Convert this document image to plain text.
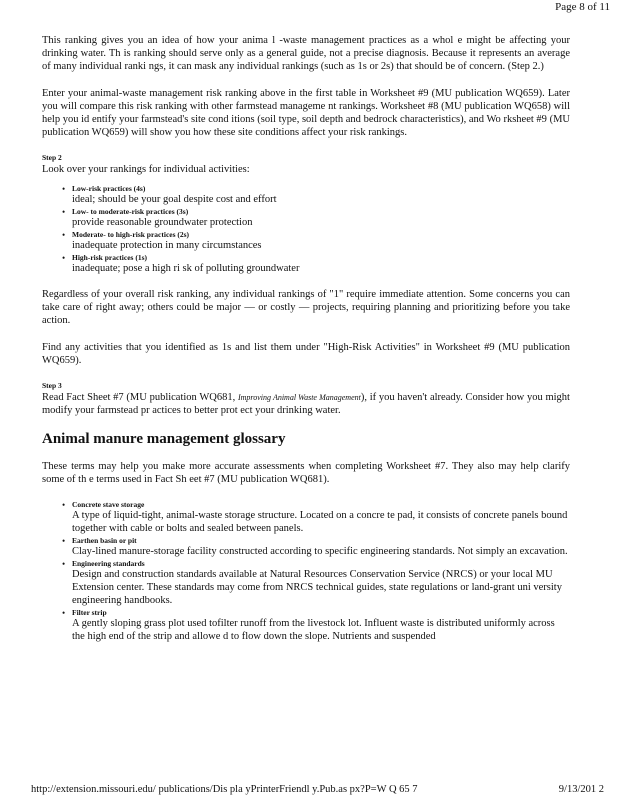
Page 8 of 11

This ranking gives you an idea of how your anima l -waste management practices as a whol e might be affecting your drinking water. Th is ranking should serve only as a general guide, not a precise diagnosis. Because it represents an average of many individual ranki ngs, it can mask any individual rankings (such as 1s or 2s) that should be of concern. (Step 2.)

Enter your animal-waste management risk ranking above in the first table in Worksheet #9 (MU publication WQ659). Later you will compare this risk ranking with other farmstead manageme nt rankings. Worksheet #8 (MU publication WQ658) will help you id entify your farmstead's site cond itions (soil type, soil depth and bedrock characteristics), and Wo rksheet #9 (MU publication WQ659) will show you how these site conditions affect your risk rankings.

Step 2
Look over your rankings for individual activities:
• Low-risk practices (4s)
ideal; should be your goal despite cost and effort
• Low- to moderate-risk practices (3s)
provide reasonable groundwater protection
• Moderate- to high-risk practices (2s)
inadequate protection in many circumstances
• High-risk practices (1s)
inadequate; pose a high ri sk of polluting groundwater

Regardless of your overall risk ranking, any individual rankings of "1" require immediate attention. Some concerns you can take care of right away; others could be major — or costly — projects, requiring planning and prioritizing before you take action.

Find any activities that you identified as 1s and list them under "High-Risk Activities" in Worksheet #9 (MU publication WQ659).

Step 3

Read Fact Sheet #7 (MU publication WQ681, Improving Animal Waste Management), if you haven't already. Consider how you might modify your farmstead pr actices to better prot ect your drinking water.

Animal manure management glossary

These terms may help you make more accurate assessments when completing Worksheet #7. They also may help clarify some of th e terms used in Fact Sh eet #7 (MU publication WQ681).

• Concrete stave storage
A type of liquid-tight, animal-waste storage structure. Located on a concre te pad, it consists of concrete panels bound together with cable or bolts and sealed between panels.
• Earthen basin or pit
Clay-lined manure-storage facility constructed according to specific engineering standards. Not simply an excavation.
• Engineering standards
Design and construction standards available at Natural Resources Conservation Service (NRCS) or your local MU Extension center. These standards may come from NRCS technical guides, state regulations or land-grant uni versity engineering handbooks.
• Filter strip
A gently sloping grass plot used tofilter runoff from the livestock lot. Influent waste is distributed uniformly across the high end of the strip and allowe d to flow down the slope. Nutrients and suspended
http://extension.missouri.edu/ publications/Dis pla yPrinterFriendl y.Pub.as px?P=W Q 65 7	9/13/201 2
